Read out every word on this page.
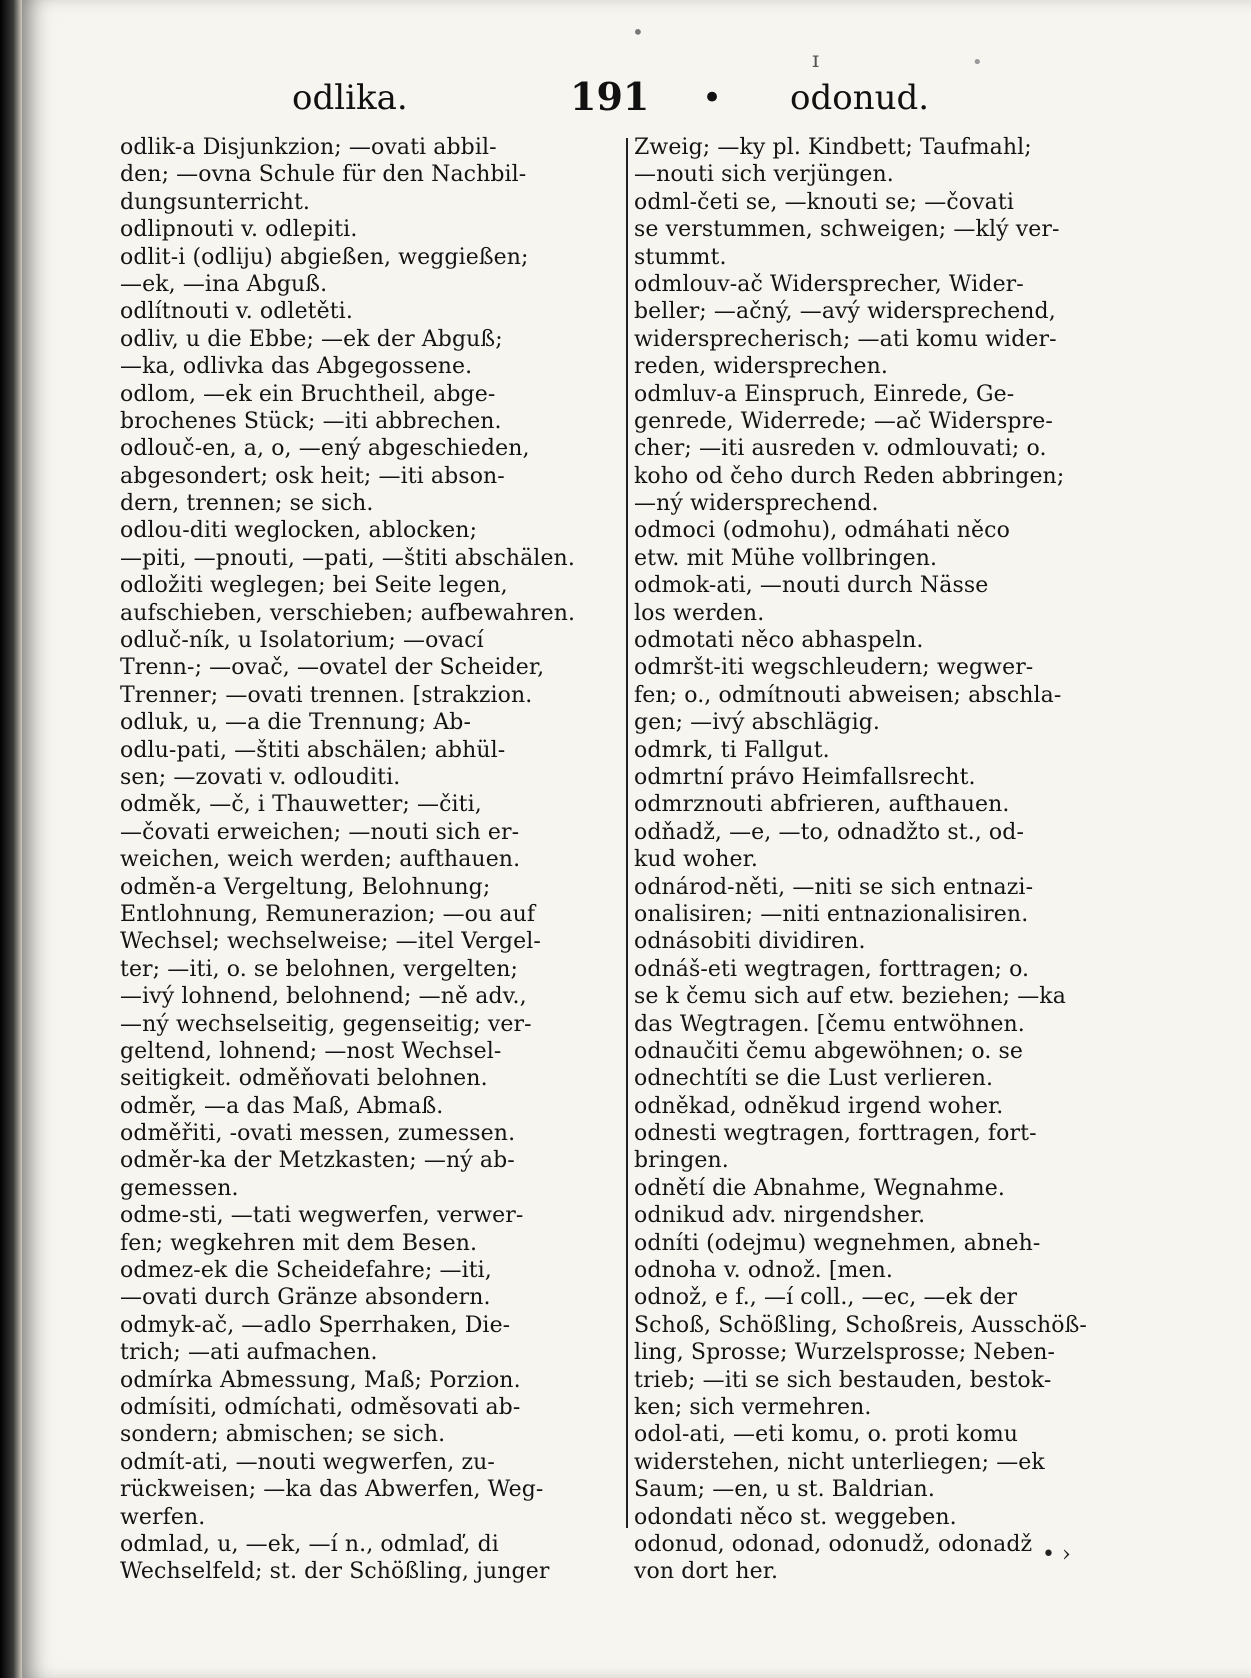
•
ɪ	•
odlika.	191 • odonud.
odlik-a Disjunkzion; —ovati abbil-
den; —ovna Schule für den Nachbil-
dungsunterricht.
odlipnouti v. odlepiti.
odlit-i (odliju) abgießen, weggießen;
—ek, —ina Abguß.
odlítnouti v. odletěti.
odliv, u die Ebbe; —ek der Abguß;
—ka, odlivka das Abgegossene.
odlom, —ek ein Bruchtheil, abge-
brochenes Stück; —iti abbrechen.
odlouč-en, a, o, —ený abgeschieden,
abgesondert; osk heit; —iti abson-
dern, trennen; se sich.
odlou-diti weglocken, ablocken;
—piti, —pnouti, —pati, —štiti abschälen.
odložiti weglegen; bei Seite legen,
aufschieben, verschieben; aufbewahren.
odluč-ník, u Isolatorium; —ovací
Trenn-; —ovač, —ovatel der Scheider,
Trenner; —ovati trennen. [strakzion.
odluk, u, —a die Trennung; Ab-
odlu-pati, —štiti abschälen; abhül-
sen; —zovati v. odlouditi.
odměk, —č, i Thauwetter; —čiti,
—čovati erweichen; —nouti sich er-
weichen, weich werden; aufthauen.
odměn-a Vergeltung, Belohnung;
Entlohnung, Remunerazion; —ou auf
Wechsel; wechselweise; —itel Vergel-
ter; —iti, o. se belohnen, vergelten;
—ivý lohnend, belohnend; —ně adv.,
—ný wechselseitig, gegenseitig; ver-
geltend, lohnend; —nost Wechsel-
seitigkeit. odměňovati belohnen.
odměr, —a das Maß, Abmaß.
odměřiti, -ovati messen, zumessen.
odměr-ka der Metzkasten; —ný ab-
gemessen.
odme-sti, —tati wegwerfen, verwer-
fen; wegkehren mit dem Besen.
odmez-ek die Scheidefahre; —iti,
—ovati durch Gränze absondern.
odmyk-ač, —adlo Sperrhaken, Die-
trich; —ati aufmachen.
odmírka Abmessung, Maß; Porzion.
odmísiti, odmíchati, odměsovati ab-
sondern; abmischen; se sich.
odmít-ati, —nouti wegwerfen, zu-
rückweisen; —ka das Abwerfen, Weg-
werfen.
odmlad, u, —ek, —í n., odmlaď, di
Wechselfeld; st. der Schößling, junger
Zweig; —ky pl. Kindbett; Taufmahl;
—nouti sich verjüngen.
odml-četi se, —knouti se; —čovati
se verstummen, schweigen; —klý ver-
stummt.
odmlouv-ač Widersprecher, Wider-
beller; —ačný, —avý widersprechend,
widersprecherisch; —ati komu wider-
reden, widersprechen.
odmluv-a Einspruch, Einrede, Ge-
genrede, Widerrede; —ač Widerspre-
cher; —iti ausreden v. odmlouvati; o.
koho od čeho durch Reden abbringen;
—ný widersprechend.
odmoci (odmohu), odmáhati něco
etw. mit Mühe vollbringen.
odmok-ati, —nouti durch Nässe
los werden.
odmotati něco abhaspeln.
odmršt-iti wegschleudern; wegwer-
fen; o., odmítnouti abweisen; abschla-
gen; —ivý abschlägig.
odmrk, ti Fallgut.
odmrtní právo Heimfallsrecht.
odmrznouti abfrieren, aufthauen.
odňadž, —e, —to, odnadžto st., od-
kud woher.
odnárod-něti, —niti se sich entnazi-
onalisiren; —niti entnazionalisiren.
odnásobiti dividiren.
odnáš-eti wegtragen, forttragen; o.
se k čemu sich auf etw. beziehen; —ka
das Wegtragen. [čemu entwöhnen.
odnaučiti čemu abgewöhnen; o. se
odnechtíti se die Lust verlieren.
odněkad, odněkud irgend woher.
odnesti wegtragen, forttragen, fort-
bringen.
odnětí die Abnahme, Wegnahme.
odnikud adv. nirgendsher.
odníti (odejmu) wegnehmen, abneh-
odnoha v. odnož. [men.
odnož, e f., —í coll., —ec, —ek der
Schoß, Schößling, Schoßreis, Ausschöß-
ling, Sprosse; Wurzelsprosse; Neben-
trieb; —iti se sich bestauden, bestok-
ken; sich vermehren.
odol-ati, —eti komu, o. proti komu
widerstehen, nicht unterliegen; —ek
Saum; —en, u st. Baldrian.
odondati něco st. weggeben.
odonud, odonad, odonudž, odonadž
von dort her.
• ›
